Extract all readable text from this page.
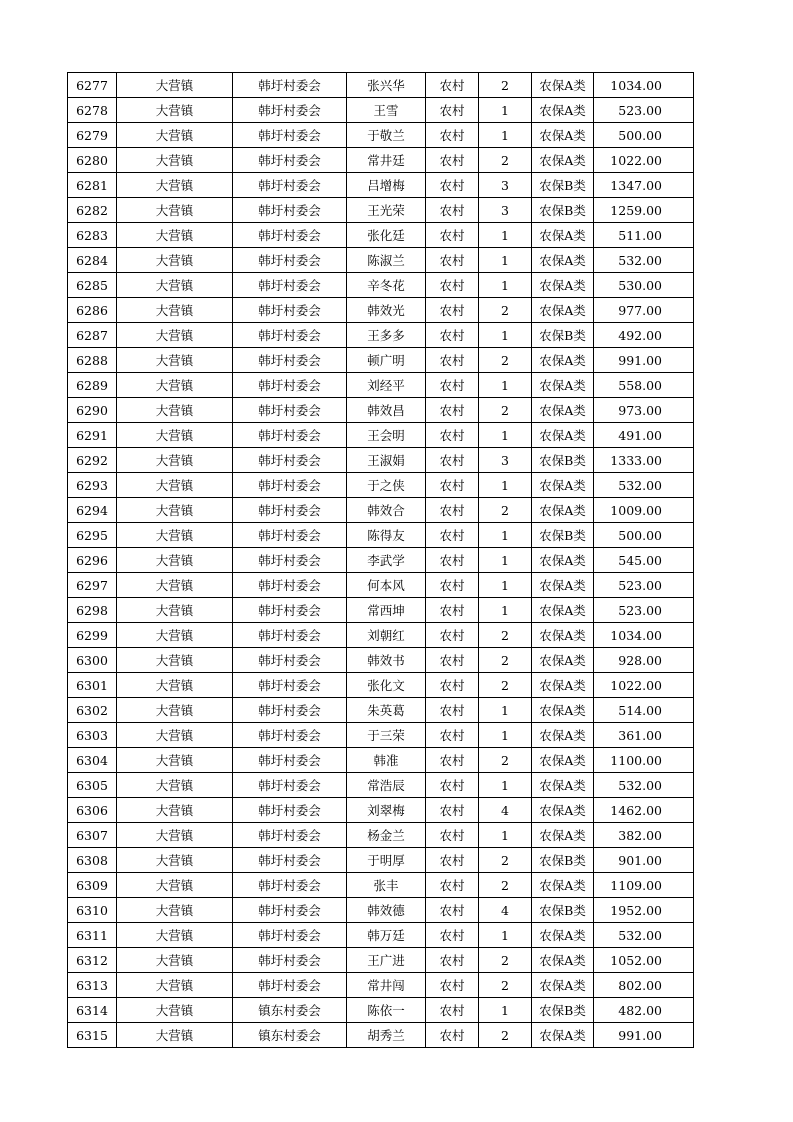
6277	大营镇	韩圩村委会	张兴华	农村	2	农保A类	1034.00
6278	大营镇	韩圩村委会	王雪	农村	1	农保A类	523.00
6279	大营镇	韩圩村委会	于敬兰	农村	1	农保A类	500.00
6280	大营镇	韩圩村委会	常井廷	农村	2	农保A类	1022.00
6281	大营镇	韩圩村委会	吕增梅	农村	3	农保B类	1347.00
6282	大营镇	韩圩村委会	王光荣	农村	3	农保B类	1259.00
6283	大营镇	韩圩村委会	张化廷	农村	1	农保A类	511.00
6284	大营镇	韩圩村委会	陈淑兰	农村	1	农保A类	532.00
6285	大营镇	韩圩村委会	辛冬花	农村	1	农保A类	530.00
6286	大营镇	韩圩村委会	韩效光	农村	2	农保A类	977.00
6287	大营镇	韩圩村委会	王多多	农村	1	农保B类	492.00
6288	大营镇	韩圩村委会	顿广明	农村	2	农保A类	991.00
6289	大营镇	韩圩村委会	刘经平	农村	1	农保A类	558.00
6290	大营镇	韩圩村委会	韩效昌	农村	2	农保A类	973.00
6291	大营镇	韩圩村委会	王会明	农村	1	农保A类	491.00
6292	大营镇	韩圩村委会	王淑娟	农村	3	农保B类	1333.00
6293	大营镇	韩圩村委会	于之侠	农村	1	农保A类	532.00
6294	大营镇	韩圩村委会	韩效合	农村	2	农保A类	1009.00
6295	大营镇	韩圩村委会	陈得友	农村	1	农保B类	500.00
6296	大营镇	韩圩村委会	李武学	农村	1	农保A类	545.00
6297	大营镇	韩圩村委会	何本风	农村	1	农保A类	523.00
6298	大营镇	韩圩村委会	常西坤	农村	1	农保A类	523.00
6299	大营镇	韩圩村委会	刘朝红	农村	2	农保A类	1034.00
6300	大营镇	韩圩村委会	韩效书	农村	2	农保A类	928.00
6301	大营镇	韩圩村委会	张化文	农村	2	农保A类	1022.00
6302	大营镇	韩圩村委会	朱英葛	农村	1	农保A类	514.00
6303	大营镇	韩圩村委会	于三荣	农村	1	农保A类	361.00
6304	大营镇	韩圩村委会	韩准	农村	2	农保A类	1100.00
6305	大营镇	韩圩村委会	常浩辰	农村	1	农保A类	532.00
6306	大营镇	韩圩村委会	刘翠梅	农村	4	农保A类	1462.00
6307	大营镇	韩圩村委会	杨金兰	农村	1	农保A类	382.00
6308	大营镇	韩圩村委会	于明厚	农村	2	农保B类	901.00
6309	大营镇	韩圩村委会	张丰	农村	2	农保A类	1109.00
6310	大营镇	韩圩村委会	韩效德	农村	4	农保B类	1952.00
6311	大营镇	韩圩村委会	韩万廷	农村	1	农保A类	532.00
6312	大营镇	韩圩村委会	王广进	农村	2	农保A类	1052.00
6313	大营镇	韩圩村委会	常井闯	农村	2	农保A类	802.00
6314	大营镇	镇东村委会	陈依一	农村	1	农保B类	482.00
6315	大营镇	镇东村委会	胡秀兰	农村	2	农保A类	991.00
